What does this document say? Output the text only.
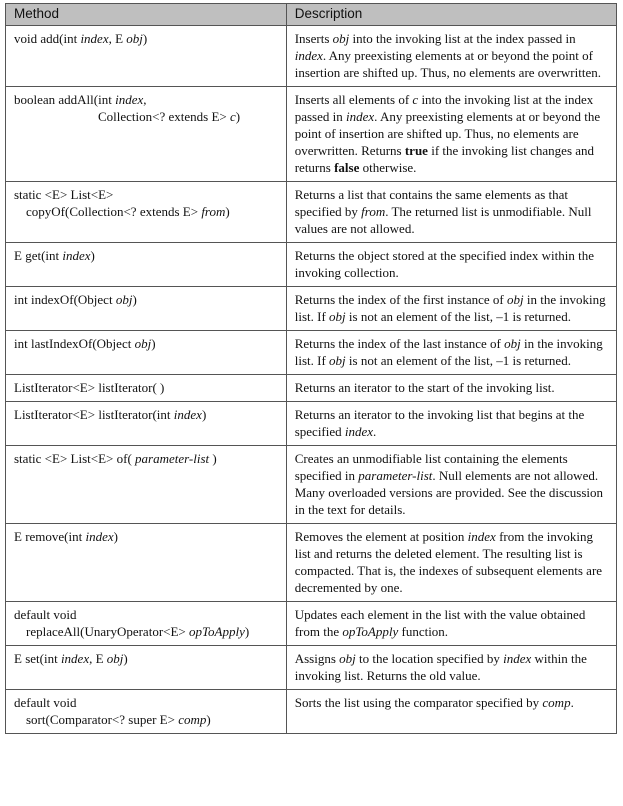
Method	Description

void add(int index, E obj)	Inserts obj into the invoking list at the index passed in index. Any preexisting elements at or beyond the point of insertion are shifted up. Thus, no elements are overwritten.

boolean addAll(int index,
Collection<? extends E> c)	Inserts all elements of c into the invoking list at the index passed in index. Any preexisting elements at or beyond the point of insertion are shifted up. Thus, no elements are overwritten. Returns true if the invoking list changes and returns false otherwise.

static <E> List<E>
copyOf(Collection<? extends E> from)	Returns a list that contains the same elements as that specified by from. The returned list is unmodifiable. Null values are not allowed.

E get(int index)	Returns the object stored at the specified index within the invoking collection.

int indexOf(Object obj)	Returns the index of the first instance of obj in the invoking list. If obj is not an element of the list, –1 is returned.

int lastIndexOf(Object obj)	Returns the index of the last instance of obj in the invoking list. If obj is not an element of the list, –1 is returned.

ListIterator<E> listIterator( )	Returns an iterator to the start of the invoking list.

ListIterator<E> listIterator(int index)	Returns an iterator to the invoking list that begins at the specified index.

static <E> List<E> of( parameter-list )	Creates an unmodifiable list containing the elements specified in parameter-list. Null elements are not allowed. Many overloaded versions are provided. See the discussion in the text for details.

E remove(int index)	Removes the element at position index from the invoking list and returns the deleted element. The resulting list is compacted. That is, the indexes of subsequent elements are decremented by one.

default void
replaceAll(UnaryOperator<E> opToApply)	Updates each element in the list with the value obtained from the opToApply function.

E set(int index, E obj)	Assigns obj to the location specified by index within the invoking list. Returns the old value.

default void
sort(Comparator<? super E> comp)	Sorts the list using the comparator specified by comp.
